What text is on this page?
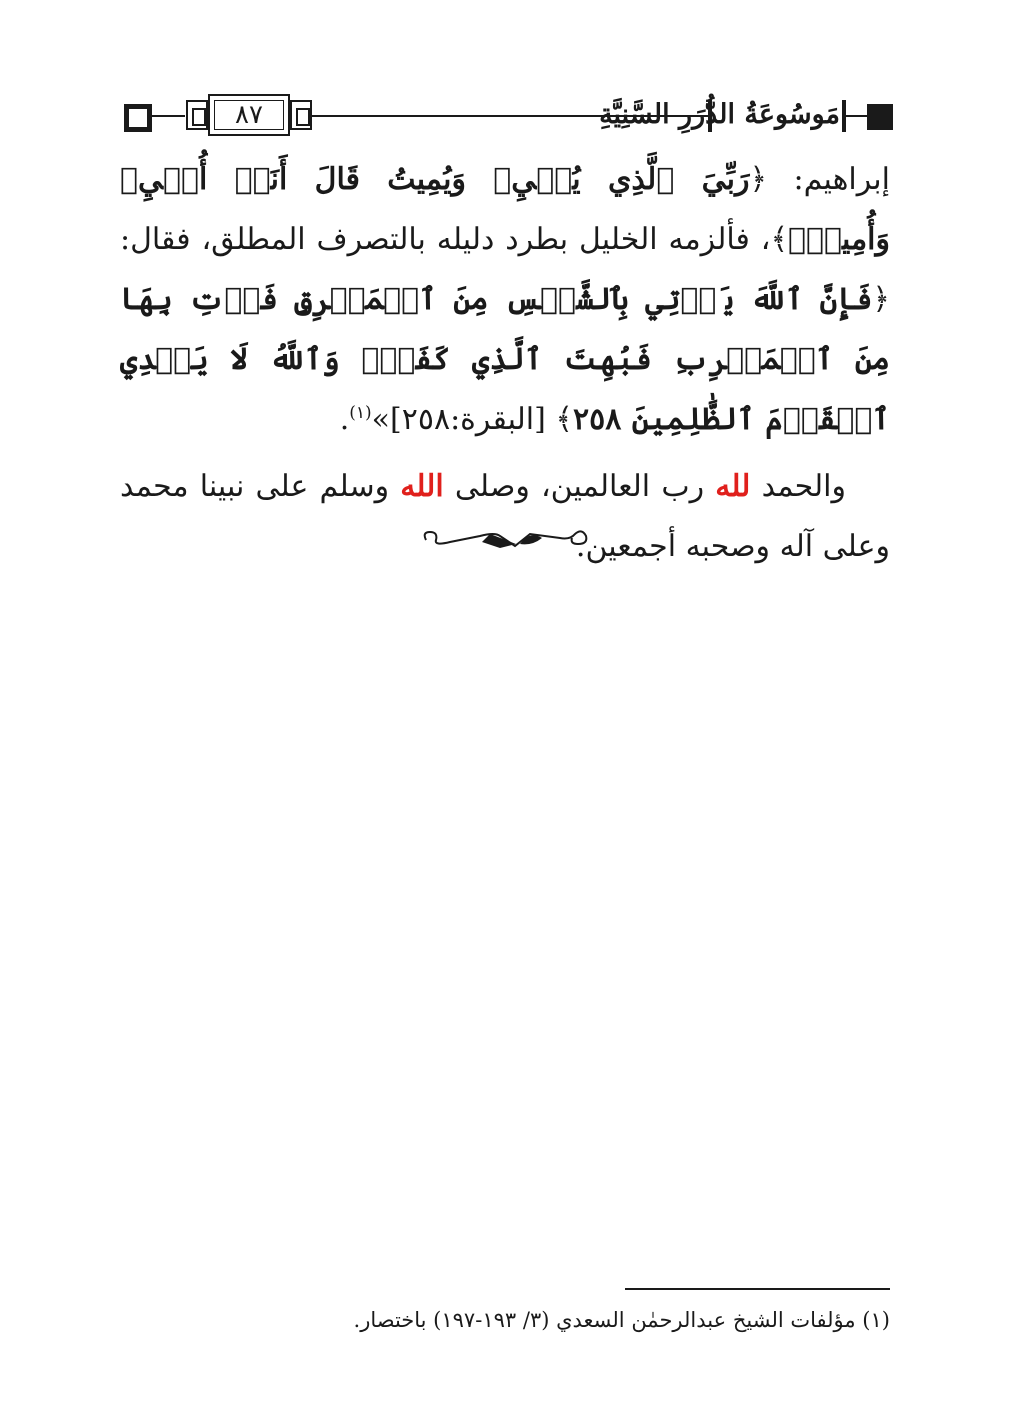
٨٧	مَوسُوعَةُ الدُّرَرِ السَّنِيَّةِ

إبراهيم: ﴿رَبِّيَ ٱلَّذِي يُحۡيِۦ وَيُمِيتُ قَالَ أَنَا۠ أُحۡيِۦ وَأُمِيتُۖ﴾، فألزمه الخليل بطرد دليله بالتصرف المطلق، فقال: ﴿فَإِنَّ ٱللَّهَ يَأۡتِي بِٱلشَّمۡسِ مِنَ ٱلۡمَشۡرِقِ فَأۡتِ بِهَا مِنَ ٱلۡمَغۡرِبِ فَبُهِتَ ٱلَّذِي كَفَرَۗ وَٱللَّهُ لَا يَهۡدِي ٱلۡقَوۡمَ ٱلظَّٰلِمِينَ ٢٥٨﴾ [البقرة:٢٥٨]»$^{(١)}$.

والحمد لله رب العالمين، وصلى الله وسلم على نبينا محمد وعلى آله وصحبه أجمعين.

(١) مؤلفات الشيخ عبدالرحمٰن السعدي (٣/ ١٩٣-١٩٧) باختصار.
